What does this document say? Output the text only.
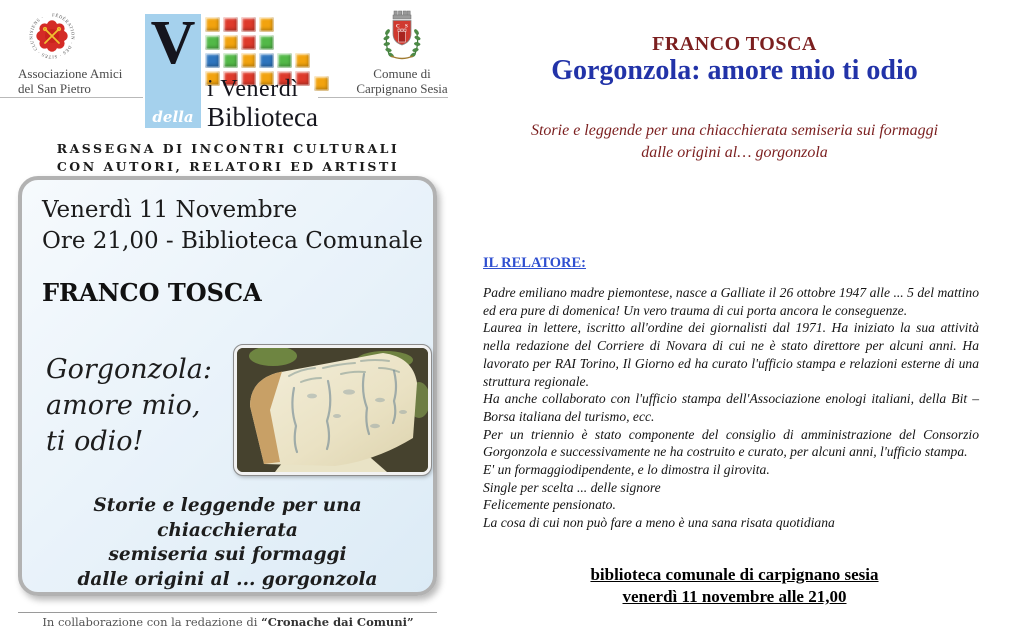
FÉDÉRATION · DES · SITES · CLUNISIENS ·
Associazione Amici
del San Pietro
V
della
i Venerdì
Biblioteca
C S
Comune di
Carpignano Sesia
RASSEGNA DI INCONTRI CULTURALI
CON AUTORI, RELATORI ED ARTISTI
Venerdì 11 Novembre
Ore 21,00 - Biblioteca Comunale
FRANCO TOSCA
Gorgonzola:
amore mio,
ti odio!
Storie e leggende per una chiacchierata
semiseria sui formaggi
dalle origini al ... gorgonzola
In collaborazione con la redazione di “Cronache dai Comuni”
FRANCO TOSCA
Gorgonzola: amore mio ti odio
Storie e leggende per una chiacchierata semiseria sui formaggi
dalle origini al… gorgonzola
IL RELATORE:

Padre emiliano madre piemontese, nasce a Galliate il 26 ottobre 1947 alle ... 5 del mattino ed era pure di domenica! Un vero trauma di cui porta ancora le conseguenze.

Laurea in lettere, iscritto all'ordine dei giornalisti dal 1971. Ha iniziato la sua attività nella redazione del Corriere di Novara di cui ne è stato direttore per alcuni anni. Ha lavorato per RAI Torino, Il Giorno ed ha curato l'ufficio stampa e relazioni esterne di una struttura regionale.

Ha anche collaborato con l'ufficio stampa dell'Associazione enologi italiani, della Bit – Borsa italiana del turismo, ecc.

Per un triennio è stato componente del consiglio di amministrazione del Consorzio Gorgonzola e successivamente ne ha costruito e curato, per alcuni anni, l'ufficio stampa.

E' un formaggiodipendente, e lo dimostra il girovita.

Single per scelta ... delle signore

Felicemente pensionato.

La cosa di cui non può fare a meno è una sana risata quotidiana

biblioteca comunale di carpignano sesia
venerdì 11 novembre alle 21,00
